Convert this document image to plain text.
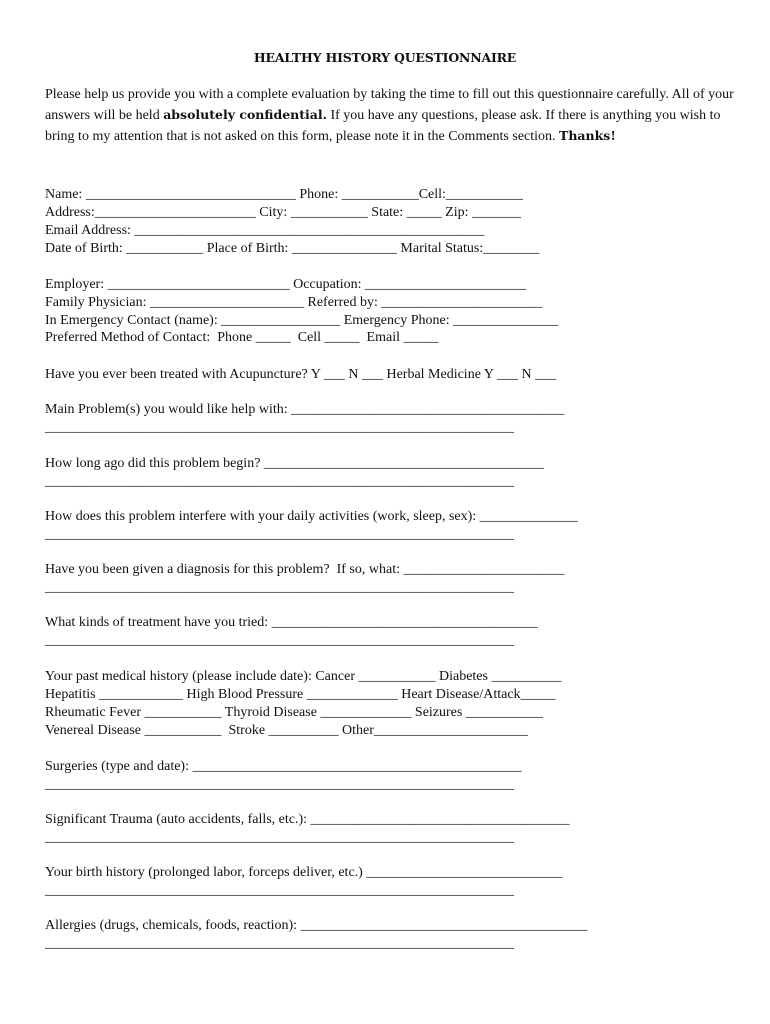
HEALTHY HISTORY QUESTIONNAIRE
Please help us provide you with a complete evaluation by taking the time to fill out this questionnaire carefully. All of your answers will be held absolutely confidential. If you have any questions, please ask. If there is anything you wish to bring to my attention that is not asked on this form, please note it in the Comments section. Thanks!
Name: ______________________________ Phone: ___________Cell:___________
Address:_______________________ City: ___________ State: _____ Zip: _______
Email Address: __________________________________________________
Date of Birth: ___________ Place of Birth: _______________ Marital Status:________
Employer: __________________________ Occupation: _______________________
Family Physician: ______________________ Referred by: _______________________
In Emergency Contact (name): _________________ Emergency Phone: _______________
Preferred Method of Contact:  Phone _____  Cell _____  Email _____
Have you ever been treated with Acupuncture? Y ___ N ___ Herbal Medicine Y ___ N ___
Main Problem(s) you would like help with: _______________________________________
___________________________________________________________________
How long ago did this problem begin? ________________________________________
___________________________________________________________________
How does this problem interfere with your daily activities (work, sleep, sex): ______________
___________________________________________________________________
Have you been given a diagnosis for this problem?  If so, what: _______________________
___________________________________________________________________
What kinds of treatment have you tried: ______________________________________
___________________________________________________________________
Your past medical history (please include date): Cancer ___________ Diabetes __________
Hepatitis ____________ High Blood Pressure _____________ Heart Disease/Attack_____
Rheumatic Fever ___________ Thyroid Disease _____________ Seizures ___________
Venereal Disease ___________  Stroke __________ Other______________________
Surgeries (type and date): _______________________________________________
___________________________________________________________________
Significant Trauma (auto accidents, falls, etc.): _____________________________________
___________________________________________________________________
Your birth history (prolonged labor, forceps deliver, etc.) ____________________________
___________________________________________________________________
Allergies (drugs, chemicals, foods, reaction): _________________________________________
___________________________________________________________________
